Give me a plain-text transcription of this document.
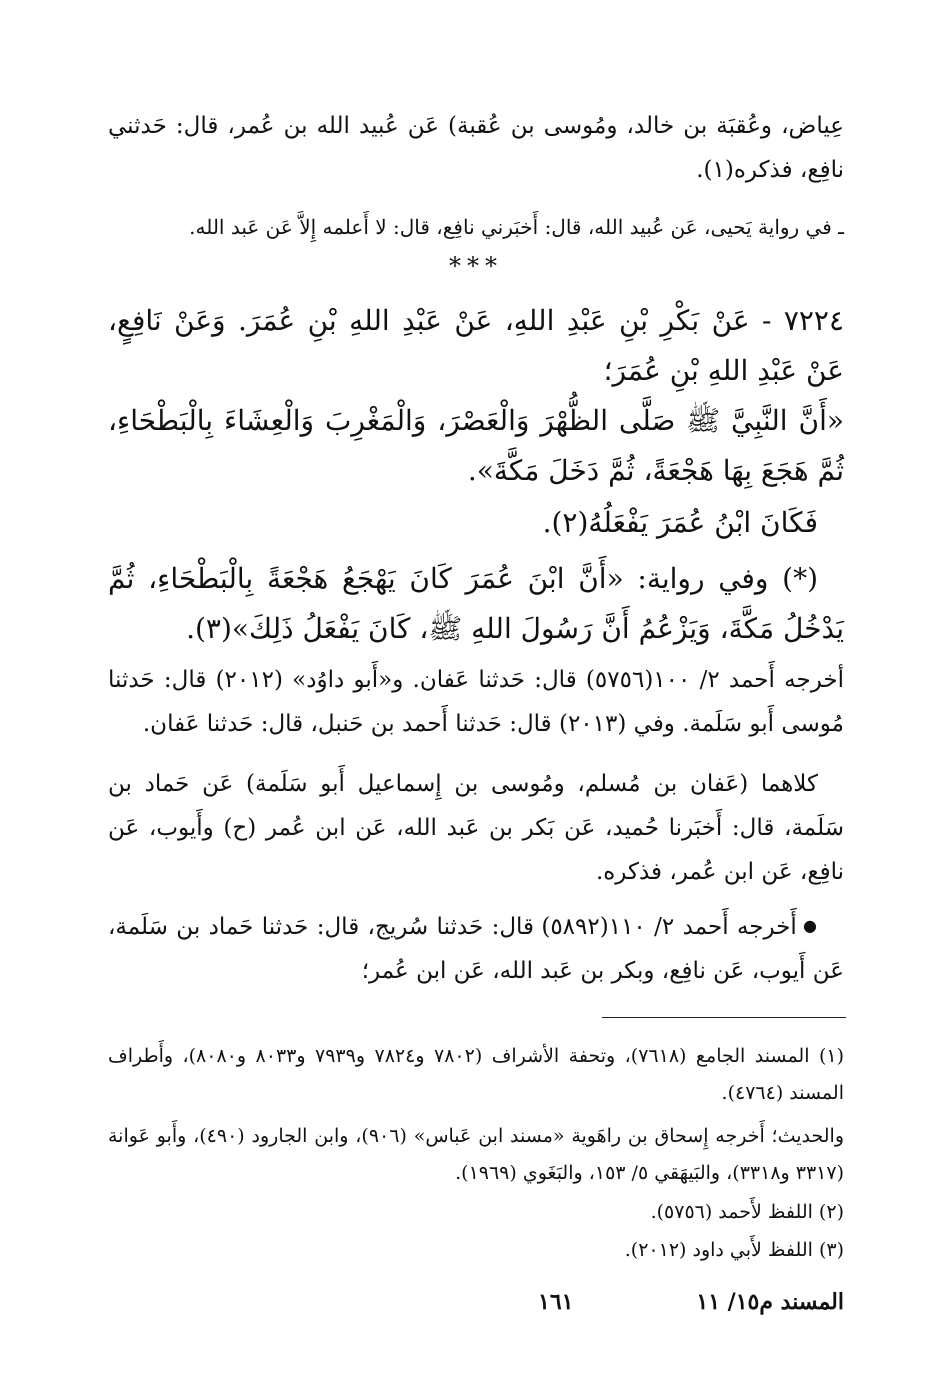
عِياض، وعُقبَة بن خالد، ومُوسى بن عُقبة) عَن عُبيد الله بن عُمر، قال: حَدثني نافِع، فذكره(١).

ـ في رواية يَحيى، عَن عُبيد الله، قال: أَخبَرني نافِع، قال: لا أَعلمه إِلاَّ عَن عَبد الله.

***

٧٢٢٤ - عَنْ بَكْرِ بْنِ عَبْدِ اللهِ، عَنْ عَبْدِ اللهِ بْنِ عُمَرَ. وَعَنْ نَافِعٍ، عَنْ عَبْدِ اللهِ بْنِ عُمَرَ؛

«أَنَّ النَّبِيَّ ﷺ صَلَّى الظُّهْرَ وَالْعَصْرَ، وَالْمَغْرِبَ وَالْعِشَاءَ بِالْبَطْحَاءِ، ثُمَّ هَجَعَ بِهَا هَجْعَةً، ثُمَّ دَخَلَ مَكَّةَ».

فَكَانَ ابْنُ عُمَرَ يَفْعَلُهُ(٢).

(*) وفي رواية: «أَنَّ ابْنَ عُمَرَ كَانَ يَهْجَعُ هَجْعَةً بِالْبَطْحَاءِ، ثُمَّ يَدْخُلُ مَكَّةَ، وَيَزْعُمُ أَنَّ رَسُولَ اللهِ ﷺ، كَانَ يَفْعَلُ ذَلِكَ»(٣).

أخرجه أَحمد ٢/ ١٠٠(٥٧٥٦) قال: حَدثنا عَفان. و«أَبو داوُد» (٢٠١٢) قال: حَدثنا مُوسى أَبو سَلَمة. وفي (٢٠١٣) قال: حَدثنا أَحمد بن حَنبل، قال: حَدثنا عَفان.

كلاهما (عَفان بن مُسلم، ومُوسى بن إِسماعيل أَبو سَلَمة) عَن حَماد بن سَلَمة، قال: أَخبَرنا حُميد، عَن بَكر بن عَبد الله، عَن ابن عُمر (ح) وأَيوب، عَن نافِع، عَن ابن عُمر، فذكره.

● أَخرجه أَحمد ٢/ ١١٠(٥٨٩٢) قال: حَدثنا سُريج، قال: حَدثنا حَماد بن سَلَمة، عَن أَيوب، عَن نافِع، وبكر بن عَبد الله، عَن ابن عُمر؛

(١) المسند الجامع (٧٦١٨)، وتحفة الأشراف (٧٨٠٢ و٧٨٢٤ و٧٩٣٩ و٨٠٣٣ و٨٠٨٠)، وأَطراف المسند (٤٧٦٤).

والحديث؛ أَخرجه إِسحاق بن راهَوية «مسند ابن عَباس» (٩٠٦)، وابن الجارود (٤٩٠)، وأَبو عَوانة (٣٣١٧ و٣٣١٨)، والبَيهَقي ٥/ ١٥٣، والبَغَوي (١٩٦٩).

(٢) اللفظ لأَحمد (٥٧٥٦).

(٣) اللفظ لأَبي داود (٢٠١٢).

المسند م١٥/ ١١
١٦١
